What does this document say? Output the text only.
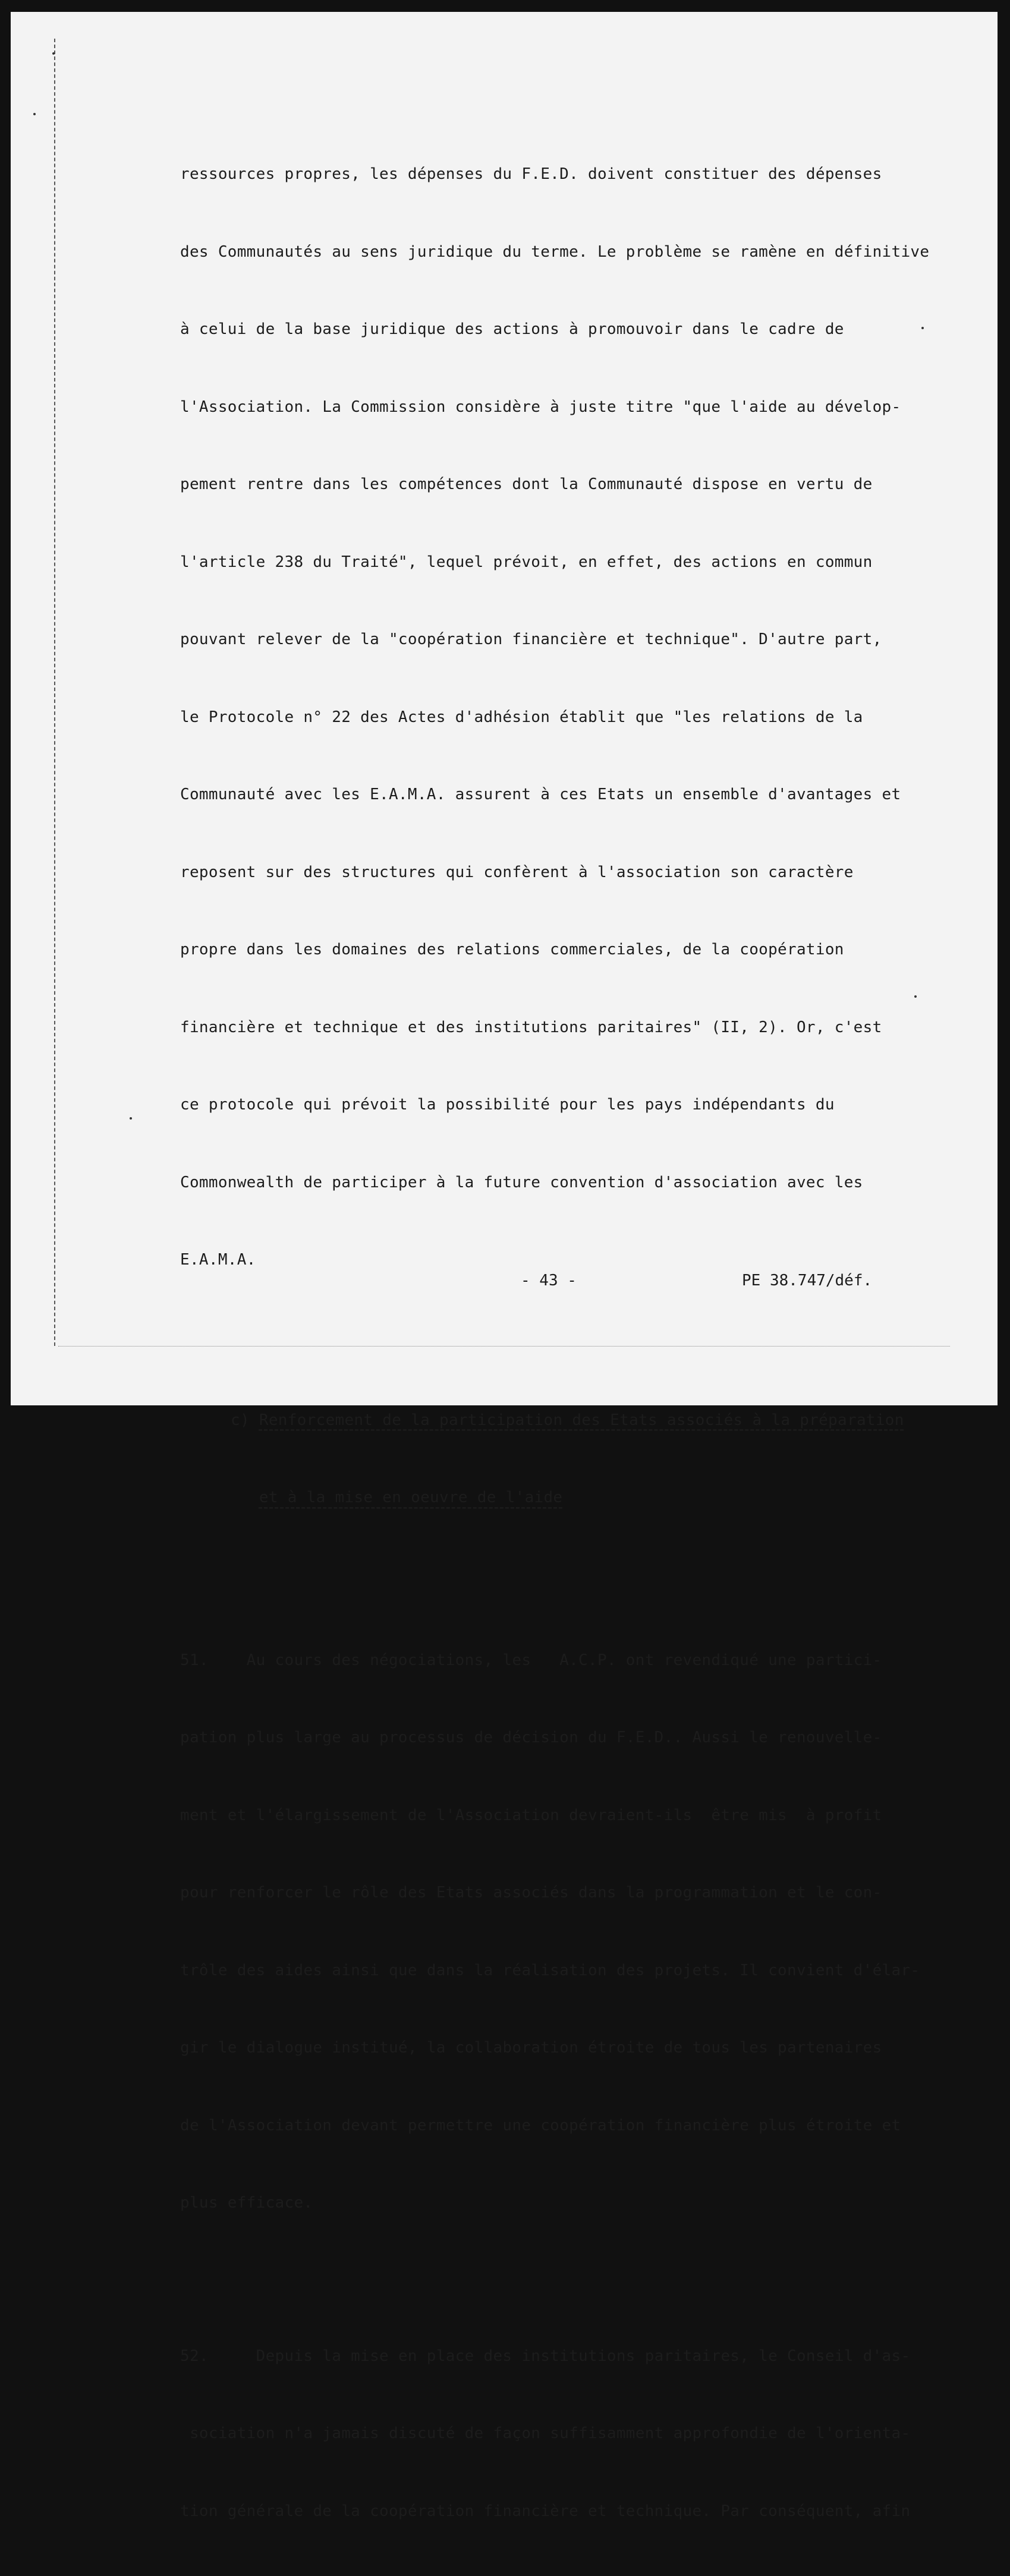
ressources propres, les dépenses du F.E.D. doivent constituer des dépenses

des Communautés au sens juridique du terme. Le problème se ramène en définitive

à celui de la base juridique des actions à promouvoir dans le cadre de

l'Association. La Commission considère à juste titre "que l'aide au dévelop-

pement rentre dans les compétences dont la Communauté dispose en vertu de

l'article 238 du Traité", lequel prévoit, en effet, des actions en commun

pouvant relever de la "coopération financière et technique". D'autre part,

le Protocole n° 22 des Actes d'adhésion établit que "les relations de la

Communauté avec les E.A.M.A. assurent à ces Etats un ensemble d'avantages et

reposent sur des structures qui confèrent à l'association son caractère

propre dans les domaines des relations commerciales, de la coopération

financière et technique et des institutions paritaires" (II, 2). Or, c'est

ce protocole qui prévoit la possibilité pour les pays indépendants du

Commonwealth de participer à la future convention d'association avec les

E.A.M.A.

c) Renforcement de la participation des Etats associés à la préparation

et à la mise en oeuvre de l'aide

51.    Au cours des négociations, les   A.C.P. ont revendiqué une partici-

pation plus large au processus de décision du F.E.D.. Aussi le renouvelle-

ment et l'élargissement de l'Association devraient-ils  être mis  à profit

pour renforcer le rôle des Etats associés dans la programmation et le con-

trôle des aides ainsi que dans la réalisation des projets. Il convient d'élar-

gir le dialogue institué, la collaboration étroite de tous les partenaires

de l'Association devant permettre une coopération financière plus étroite et

plus efficace.

52.     Depuis la mise en place des institutions paritaires, le Conseil d'as-

sociation n'a jamais discuté de façon suffisamment approfondie de l'orienta-

tion générale de la coopération financière et technique. Par conséquent, afin

- 43 -	PE 38.747/déf.
